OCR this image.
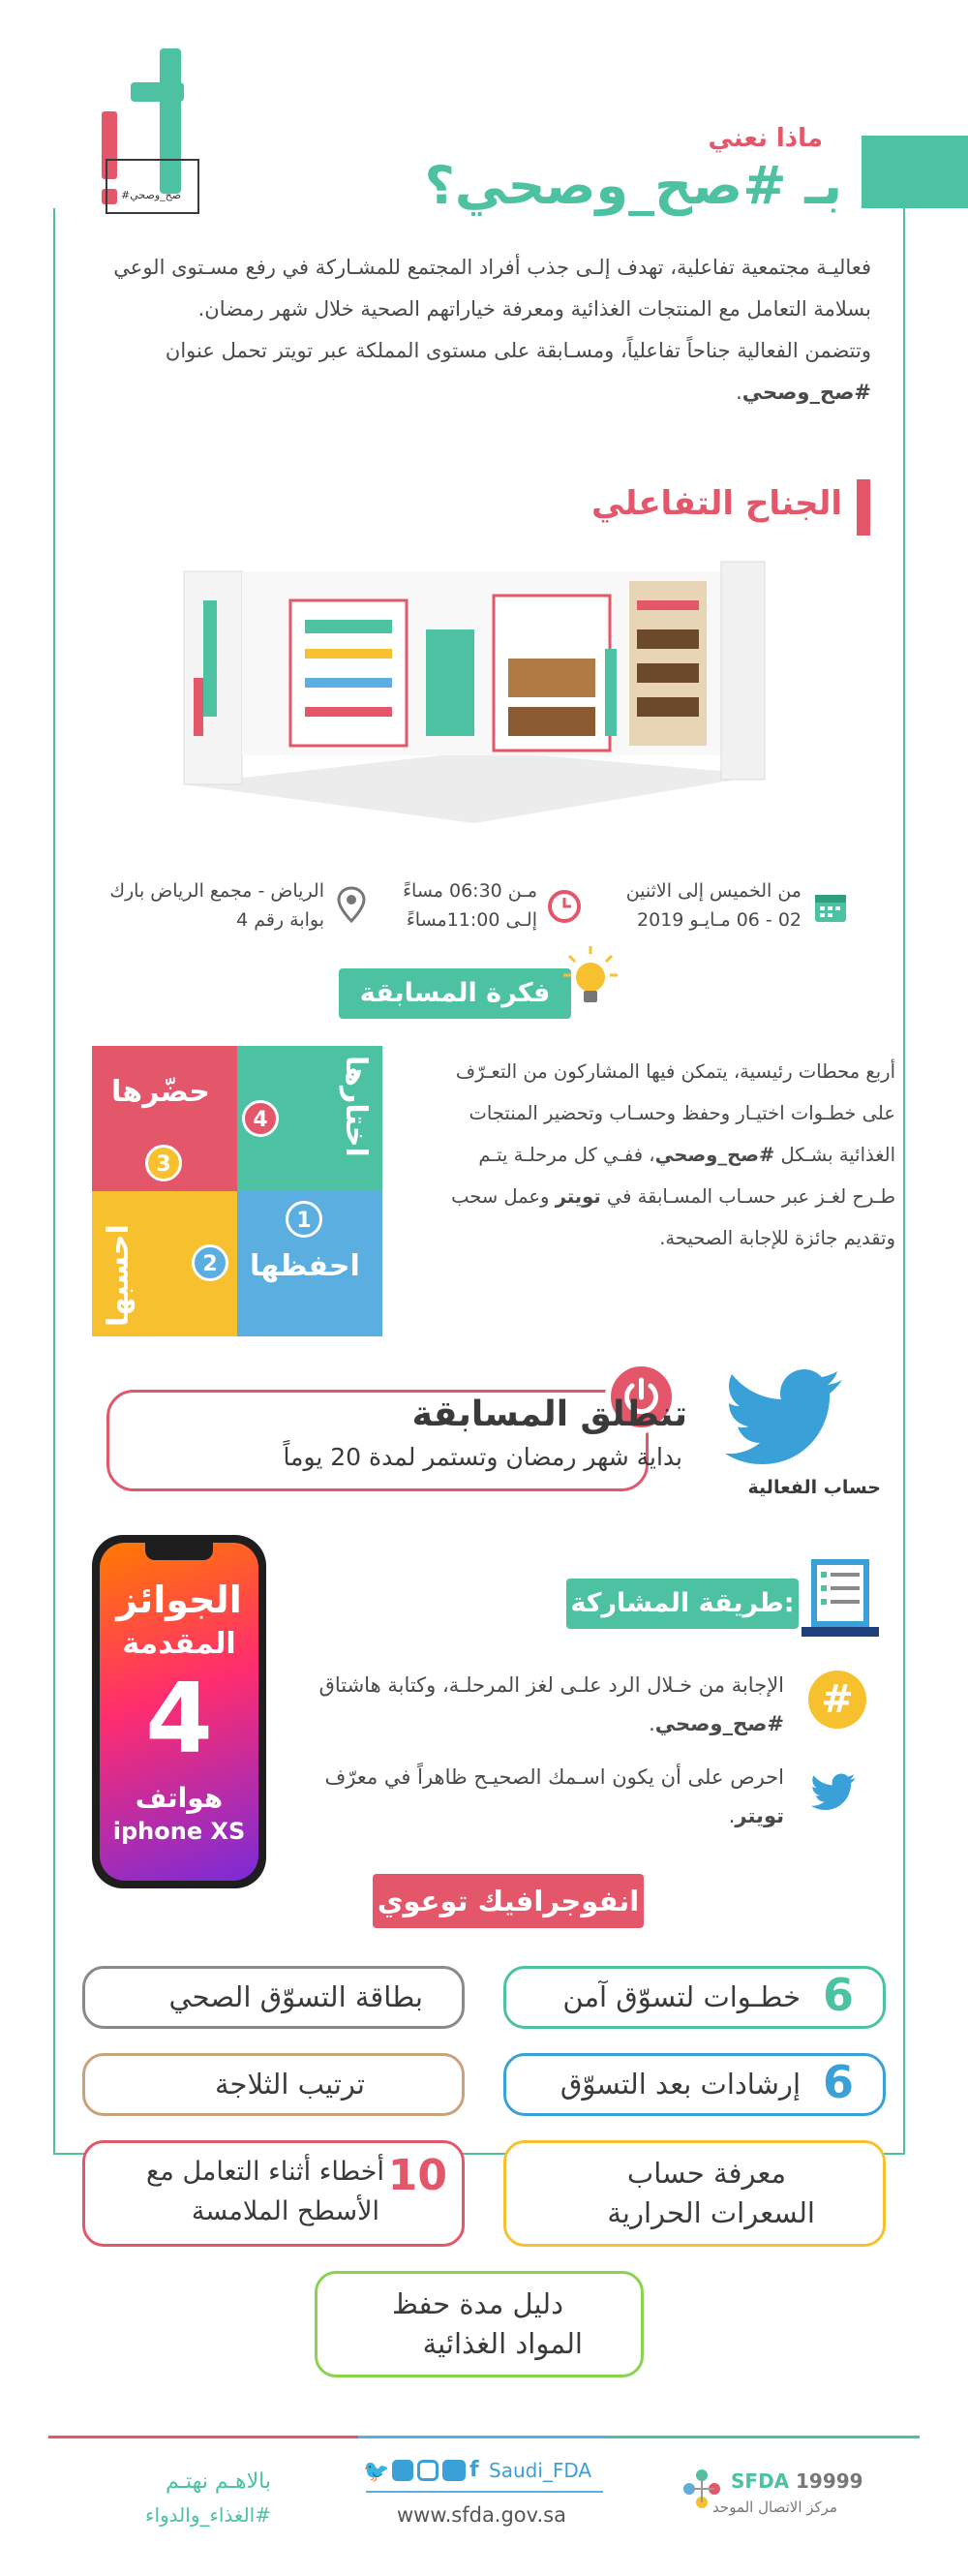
#صح_وصحي
ماذا نعني
بـ #صح_وصحي؟

فعاليـة مجتمعية تفاعلية، تهدف إلـى جذب أفراد المجتمع للمشـاركة في رفع مسـتوى الوعي بسلامة التعامل مع المنتجات الغذائية ومعرفة خياراتهم الصحية خلال شهر رمضان.

وتتضمن الفعالية جناحاً تفاعلياً، ومسـابقة على مستوى المملكة عبر تويتر تحمل عنوان #صح_وصحي.

الجناح التفاعلي
من الخميس إلى الاثنين
02 - 06 مـايـو 2019
مـن 06:30 مساءً
إلـى 11:00مساءً
الرياض - مجمع الرياض بارك
بوابة رقم 4
فكرة المسابقة
احفظها
احسبها
حضّرها	اختارها
1
2
3
4
أربع محطات رئيسية، يتمكن فيها المشاركون من التعـرّف على خطـوات اختيـار وحفظ وحسـاب وتحضير المنتجات الغذائية بشـكل #صح_وصحي، ففـي كل مرحلـة يتـم طـرح لغـز عبر حسـاب المسـابقة في تويتر وعمل سحب وتقديم جائزة للإجابة الصحيحة.
تنطلق المسابقة
بداية شهر رمضان وتستمر لمدة 20 يوماً
حساب الفعالية
الجوائز
المقدمة
4
هواتف
iphone XS
طريقة المشاركة:
الإجابة من خـلال الرد علـى لغز المرحلـة، وكتابة هاشتاق #صح_وصحي.
#
احرص على أن يكون اسـمك الصحيـح ظاهراً في معرّف تويتر.
انفوجرافيك توعوي
خطـوات لتسوّق آمن 6
بطاقة التسوّق الصحي
إرشادات بعد التسوّق 6
ترتيب الثلاجة
معرفة حساب
السعرات الحرارية
أخطاء أثناء التعامل مع
الأسطح الملامسة
10
دليل مدة حفظ
المواد الغذائية
بالاهـم نهتـم
#الغذاء_والدواء
🐦	f Saudi_FDA
www.sfda.gov.sa
SFDA 19999
مركز الاتصال الموحد
